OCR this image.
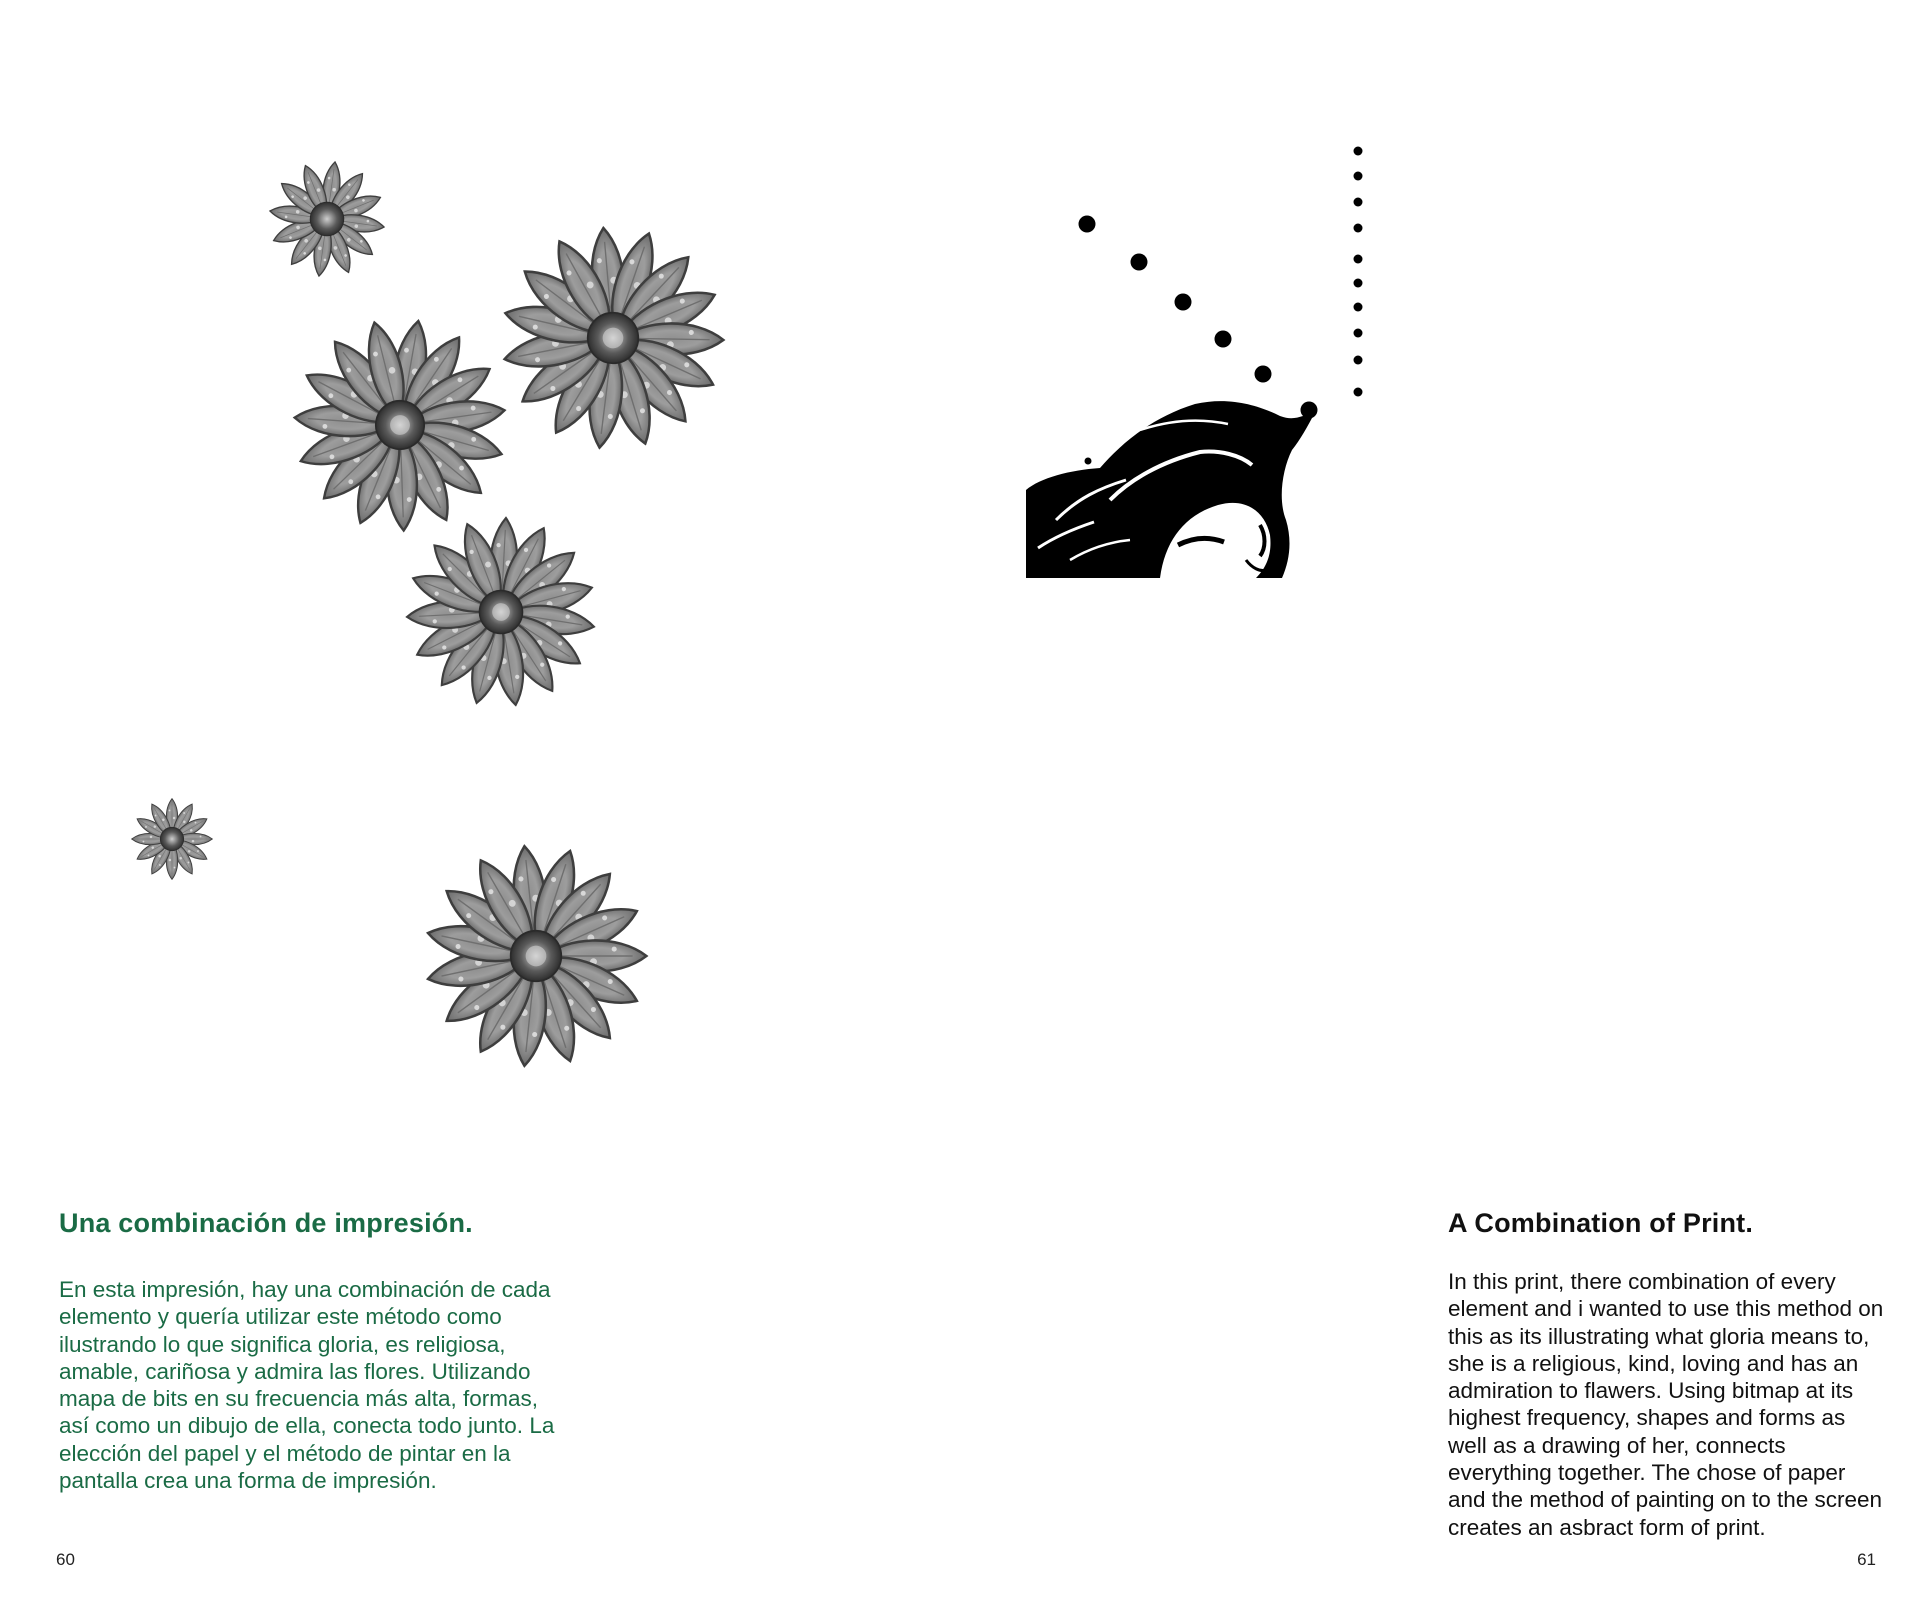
Una combinación de impresión.

En esta impresión, hay una combinación de cada elemento y quería utilizar este método como ilustrando lo que significa gloria, es religiosa, amable, cariñosa y admira las flores. Utilizando mapa de bits en su frecuencia más alta, formas, así como un dibujo de ella, conecta todo junto. La elección del papel y el método de pintar en la pantalla crea una forma de impresión.

60
A Combination of Print.

In this print, there combination of every element and i wanted to use this method on this as its illustrating what gloria means to, she is a religious, kind, loving and has an admiration to flawers. Using bitmap at its highest frequency, shapes and forms as well as a drawing of her, connects everything together. The chose of paper and the method of painting on to the screen creates an asbract form of print.

61
